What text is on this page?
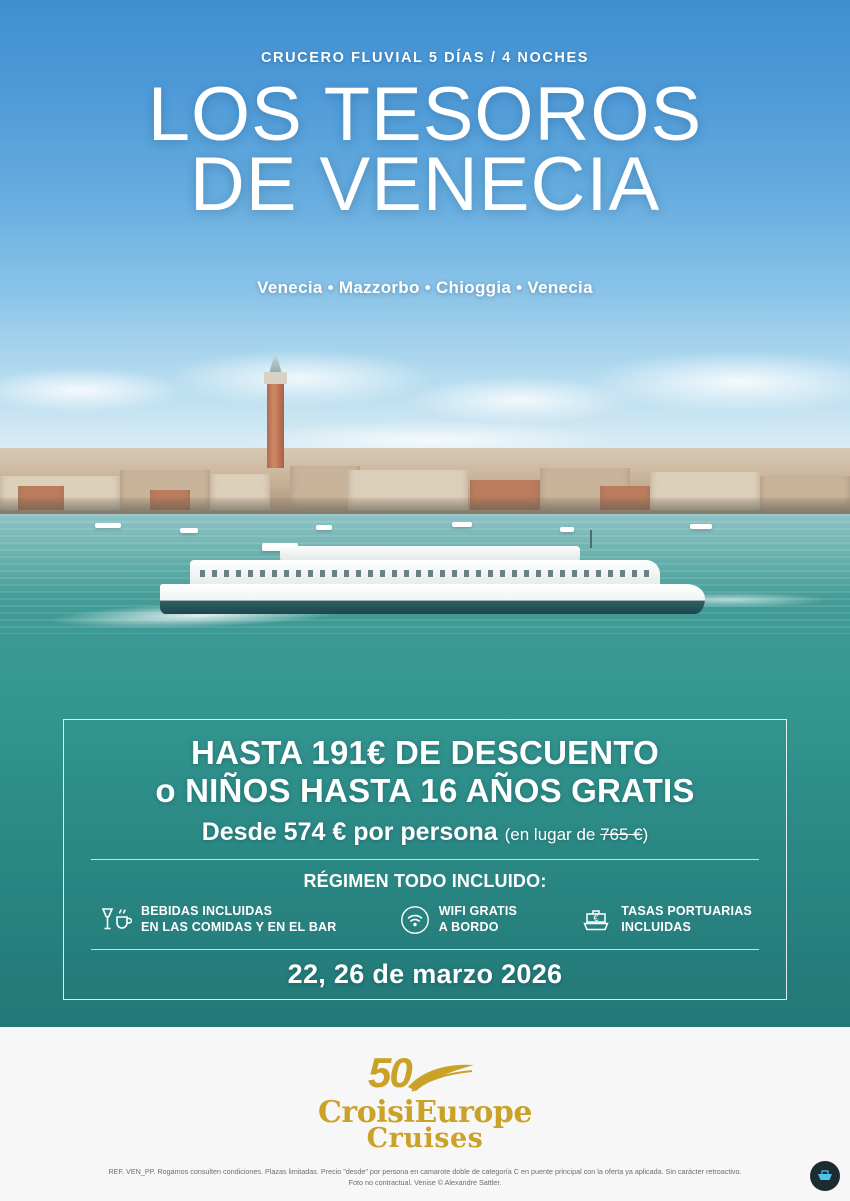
CRUCERO FLUVIAL 5 DÍAS / 4 NOCHES
LOS TESOROS
DE VENECIA
Venecia • Mazzorbo • Chioggia • Venecia
HASTA 191€ DE DESCUENTO
o NIÑOS HASTA 16 AÑOS GRATIS
Desde 574 € por persona (en lugar de 765 €)
RÉGIMEN TODO INCLUIDO:
BEBIDAS INCLUIDAS
EN LAS COMIDAS Y EN EL BAR
WIFI GRATIS
A BORDO
€ TASAS PORTUARIAS
INCLUIDAS
22, 26 de marzo 2026
50
CroisiEurope
Cruises
REF. VEN_PP. Rogamos consulten condiciones. Plazas limitadas. Precio "desde" por persona en camarote doble de categoría C en puente principal con la oferta ya aplicada. Sin carácter retroactivo.
Foto no contractual. Venise © Alexandre Sattler.
